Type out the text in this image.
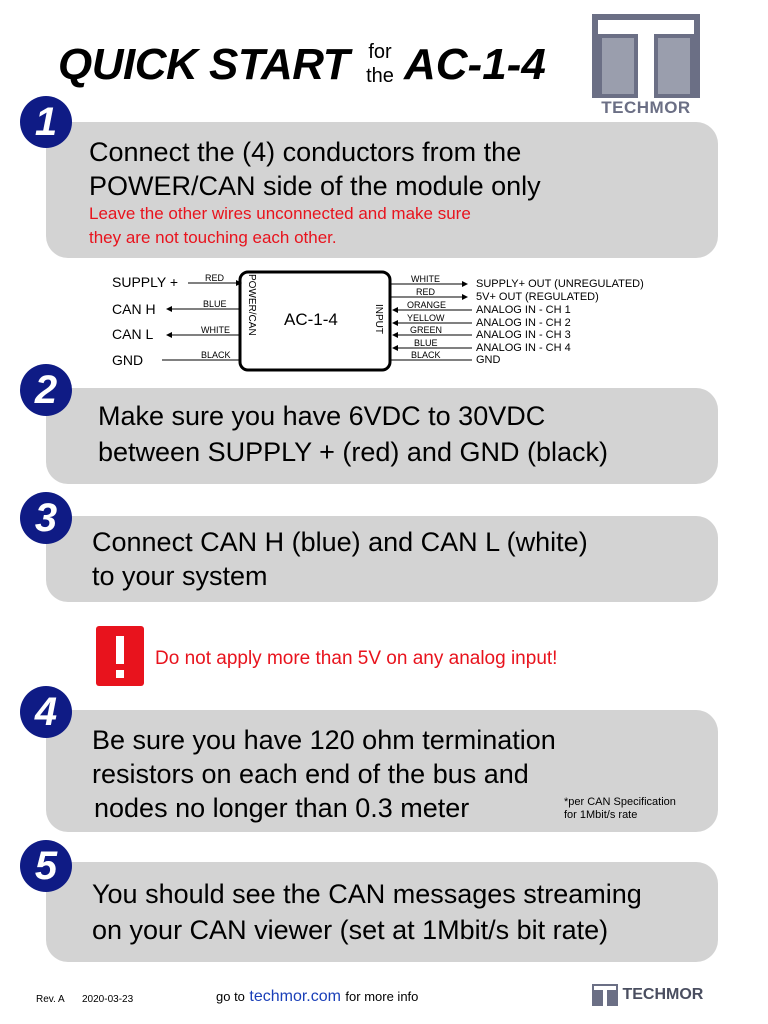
QUICK START for
the AC-1-4
TECHMOR
Connect the (4) conductors from the
POWER/CAN side of the module only
Leave the other wires unconnected and make sure
they are not touching each other.
1
AC-1-4
POWER/CAN	INPUT
SUPPLY +
CAN H
CAN L
GND
RED
BLUE
WHITE
BLACK
WHITE
RED
ORANGE
YELLOW
GREEN
BLUE
BLACK
SUPPLY+ OUT (UNREGULATED)
5V+ OUT (REGULATED)
ANALOG IN - CH 1
ANALOG IN - CH 2
ANALOG IN - CH 3
ANALOG IN - CH 4
GND
Make sure you have 6VDC to 30VDC
between SUPPLY + (red) and GND (black)
2
Connect CAN H (blue) and CAN L (white)
to your system
3
Do not apply more than 5V on any analog input!
Be sure you have 120 ohm termination
resistors on each end of the bus and
nodes no longer than 0.3 meter	*per CAN Specification
for 1Mbit/s rate
4
You should see the CAN messages streaming
on your CAN viewer (set at 1Mbit/s bit rate)
5
Rev. A 2020-03-23	go to techmor.com for more info	TECHMOR
